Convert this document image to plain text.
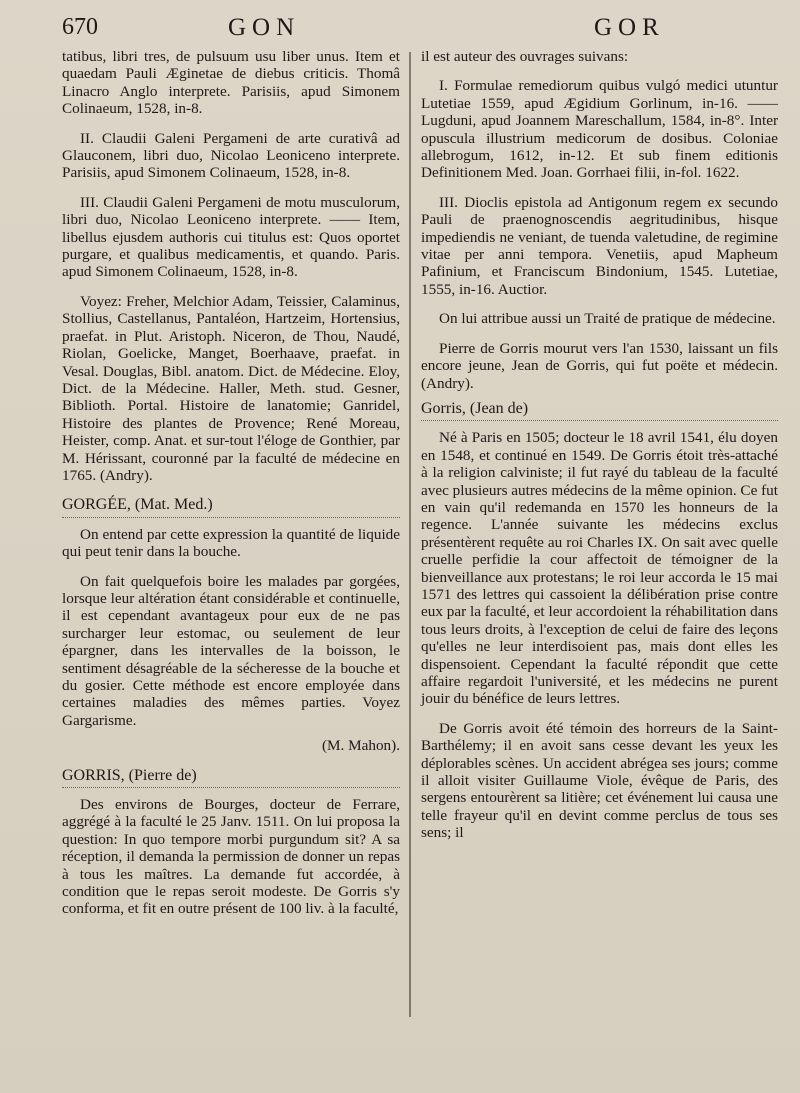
670	GON	GOR

tatibus, libri tres, de pulsuum usu liber unus. Item et quaedam Pauli Æginetae de diebus criticis. Thomâ Linacro Anglo interprete. Parisiis, apud Simonem Colinaeum, 1528, in-8.

II. Claudii Galeni Pergameni de arte curativâ ad Glauconem, libri duo, Nicolao Leoniceno interprete. Parisiis, apud Simonem Colinaeum, 1528, in-8.

III. Claudii Galeni Pergameni de motu musculorum, libri duo, Nicolao Leoniceno interprete. —— Item, libellus ejusdem authoris cui titulus est: Quos oportet purgare, et qualibus medicamentis, et quando. Paris. apud Simonem Colinaeum, 1528, in-8.

Voyez: Freher, Melchior Adam, Teissier, Calaminus, Stollius, Castellanus, Pantaléon, Hartzeim, Hortensius, praefat. in Plut. Aristoph. Niceron, de Thou, Naudé, Riolan, Goelicke, Manget, Boerhaave, praefat. in Vesal. Douglas, Bibl. anatom. Dict. de Médecine. Eloy, Dict. de la Médecine. Haller, Meth. stud. Gesner, Biblioth. Portal. Histoire de lanatomie; Ganridel, Histoire des plantes de Provence; René Moreau, Heister, comp. Anat. et sur-tout l'éloge de Gonthier, par M. Hérissant, couronné par la faculté de médecine en 1765. (Andry).

GORGÉE, (Mat. Med.)

On entend par cette expression la quantité de liquide qui peut tenir dans la bouche.

On fait quelquefois boire les malades par gorgées, lorsque leur altération étant considérable et continuelle, il est cependant avantageux pour eux de ne pas surcharger leur estomac, ou seulement de leur épargner, dans les intervalles de la boisson, le sentiment désagréable de la sécheresse de la bouche et du gosier. Cette méthode est encore employée dans certaines maladies des mêmes parties. Voyez Gargarisme.

(M. Mahon).
GORRIS, (Pierre de)

Des environs de Bourges, docteur de Ferrare, aggrégé à la faculté le 25 Janv. 1511. On lui proposa la question: In quo tempore morbi purgundum sit? A sa réception, il demanda la permission de donner un repas à tous les maîtres. La demande fut accordée, à condition que le repas seroit modeste. De Gorris s'y conforma, et fit en outre présent de 100 liv. à la faculté,

il est auteur des ouvrages suivans:

I. Formulae remediorum quibus vulgó medici utuntur Lutetiae 1559, apud Ægidium Gorlinum, in-16. —— Lugduni, apud Joannem Mareschallum, 1584, in-8°. Inter opuscula illustrium medicorum de dosibus. Coloniae allebrogum, 1612, in-12. Et sub finem editionis Definitionem Med. Joan. Gorrhaei filii, in-fol. 1622.

III. Dioclis epistola ad Antigonum regem ex secundo Pauli de praenognoscendis aegritudinibus, hisque impediendis ne veniant, de tuenda valetudine, de regimine vitae per anni tempora. Venetiis, apud Mapheum Pafinium, et Franciscum Bindonium, 1545. Lutetiae, 1555, in-16. Auctior.

On lui attribue aussi un Traité de pratique de médecine.

Pierre de Gorris mourut vers l'an 1530, laissant un fils encore jeune, Jean de Gorris, qui fut poëte et médecin. (Andry).

Gorris, (Jean de)

Né à Paris en 1505; docteur le 18 avril 1541, élu doyen en 1548, et continué en 1549. De Gorris étoit très-attaché à la religion calviniste; il fut rayé du tableau de la faculté avec plusieurs autres médecins de la même opinion. Ce fut en vain qu'il redemanda en 1570 les honneurs de la regence. L'année suivante les médecins exclus présentèrent requête au roi Charles IX. On sait avec quelle cruelle perfidie la cour affectoit de témoigner de la bienveillance aux protestans; le roi leur accorda le 15 mai 1571 des lettres qui cassoient la délibération prise contre eux par la faculté, et leur accordoient la réhabilitation dans tous leurs droits, à l'exception de celui de faire des leçons qu'elles ne leur interdisoient pas, mais dont elles les dispensoient. Cependant la faculté répondit que cette affaire regardoit l'université, et les médecins ne purent jouir du bénéfice de leurs lettres.

De Gorris avoit été témoin des horreurs de la Saint-Barthélemy; il en avoit sans cesse devant les yeux les déplorables scènes. Un accident abrégea ses jours; comme il alloit visiter Guillaume Viole, évêque de Paris, des sergens entourèrent sa litière; cet événement lui causa une telle frayeur qu'il en devint comme perclus de tous ses sens; il
